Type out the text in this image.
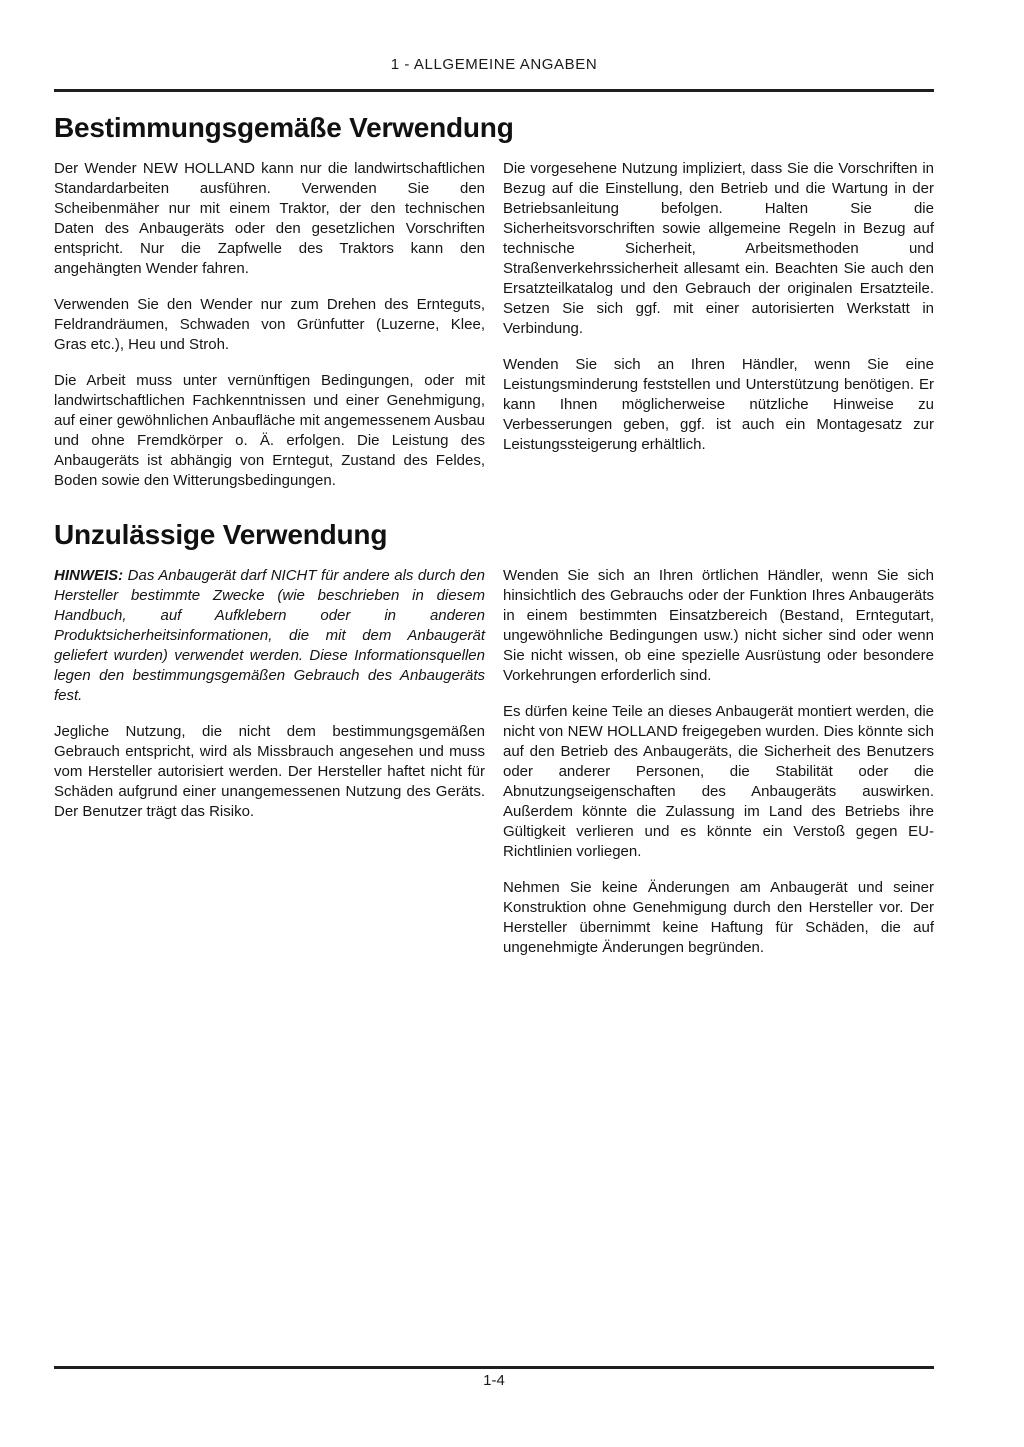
1 - ALLGEMEINE ANGABEN
Bestimmungsgemäße Verwendung

Der Wender NEW HOLLAND kann nur die landwirtschaftlichen Standardarbeiten ausführen. Verwenden Sie den Scheibenmäher nur mit einem Traktor, der den technischen Daten des Anbaugeräts oder den gesetzlichen Vorschriften entspricht. Nur die Zapfwelle des Traktors kann den angehängten Wender fahren.

Verwenden Sie den Wender nur zum Drehen des Ernteguts, Feldrandräumen, Schwaden von Grünfutter (Luzerne, Klee, Gras etc.), Heu und Stroh.

Die Arbeit muss unter vernünftigen Bedingungen, oder mit landwirtschaftlichen Fachkenntnissen und einer Genehmigung, auf einer gewöhnlichen Anbaufläche mit angemessenem Ausbau und ohne Fremdkörper o. Ä. erfolgen. Die Leistung des Anbaugeräts ist abhängig von Erntegut, Zustand des Feldes, Boden sowie den Witterungsbedingungen.

Die vorgesehene Nutzung impliziert, dass Sie die Vorschriften in Bezug auf die Einstellung, den Betrieb und die Wartung in der Betriebsanleitung befolgen. Halten Sie die Sicherheitsvorschriften sowie allgemeine Regeln in Bezug auf technische Sicherheit, Arbeitsmethoden und Straßenverkehrssicherheit allesamt ein. Beachten Sie auch den Ersatzteilkatalog und den Gebrauch der originalen Ersatzteile. Setzen Sie sich ggf. mit einer autorisierten Werkstatt in Verbindung.

Wenden Sie sich an Ihren Händler, wenn Sie eine Leistungsminderung feststellen und Unterstützung benötigen. Er kann Ihnen möglicherweise nützliche Hinweise zu Verbesserungen geben, ggf. ist auch ein Montagesatz zur Leistungssteigerung erhältlich.

Unzulässige Verwendung

HINWEIS: Das Anbaugerät darf NICHT für andere als durch den Hersteller bestimmte Zwecke (wie beschrieben in diesem Handbuch, auf Aufklebern oder in anderen Produktsicherheitsinformationen, die mit dem Anbaugerät geliefert wurden) verwendet werden. Diese Informationsquellen legen den bestimmungsgemäßen Gebrauch des Anbaugeräts fest.

Jegliche Nutzung, die nicht dem bestimmungsgemäßen Gebrauch entspricht, wird als Missbrauch angesehen und muss vom Hersteller autorisiert werden. Der Hersteller haftet nicht für Schäden aufgrund einer unangemessenen Nutzung des Geräts. Der Benutzer trägt das Risiko.

Wenden Sie sich an Ihren örtlichen Händler, wenn Sie sich hinsichtlich des Gebrauchs oder der Funktion Ihres Anbaugeräts in einem bestimmten Einsatzbereich (Bestand, Erntegutart, ungewöhnliche Bedingungen usw.) nicht sicher sind oder wenn Sie nicht wissen, ob eine spezielle Ausrüstung oder besondere Vorkehrungen erforderlich sind.

Es dürfen keine Teile an dieses Anbaugerät montiert werden, die nicht von NEW HOLLAND freigegeben wurden. Dies könnte sich auf den Betrieb des Anbaugeräts, die Sicherheit des Benutzers oder anderer Personen, die Stabilität oder die Abnutzungseigenschaften des Anbaugeräts auswirken. Außerdem könnte die Zulassung im Land des Betriebs ihre Gültigkeit verlieren und es könnte ein Verstoß gegen EU-Richtlinien vorliegen.

Nehmen Sie keine Änderungen am Anbaugerät und seiner Konstruktion ohne Genehmigung durch den Hersteller vor. Der Hersteller übernimmt keine Haftung für Schäden, die auf ungenehmigte Änderungen begründen.

1-4
